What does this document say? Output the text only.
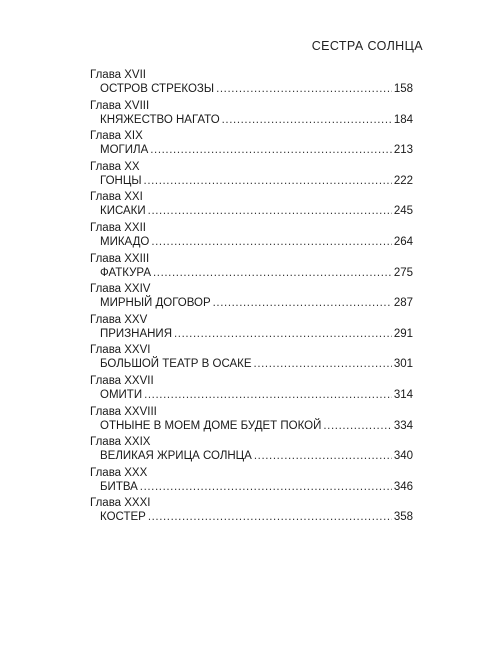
СЕСТРА СОЛНЦА
Глава XVII
ОСТРОВ СТРЕКОЗЫ .....	158
Глава XVIII
КНЯЖЕСТВО НАГАТО .....	184
Глава XIX
МОГИЛА .....	213
Глава XX
ГОНЦЫ .....	222
Глава XXI
КИСАКИ .....	245
Глава XXII
МИКАДО .....	264
Глава XXIII
ФАТКУРА .....	275
Глава XXIV
МИРНЫЙ ДОГОВОР .....	287
Глава XXV
ПРИЗНАНИЯ .....	291
Глава XXVI
БОЛЬШОЙ ТЕАТР В ОСАКЕ .....	301
Глава XXVII
ОМИТИ .....	314
Глава XXVIII
ОТНЫНЕ В МОЕМ ДОМЕ БУДЕТ ПОКОЙ .....	334
Глава XXIX
ВЕЛИКАЯ ЖРИЦА СОЛНЦА .....	340
Глава XXX
БИТВА .....	346
Глава XXXI
КОСТЕР .....	358
